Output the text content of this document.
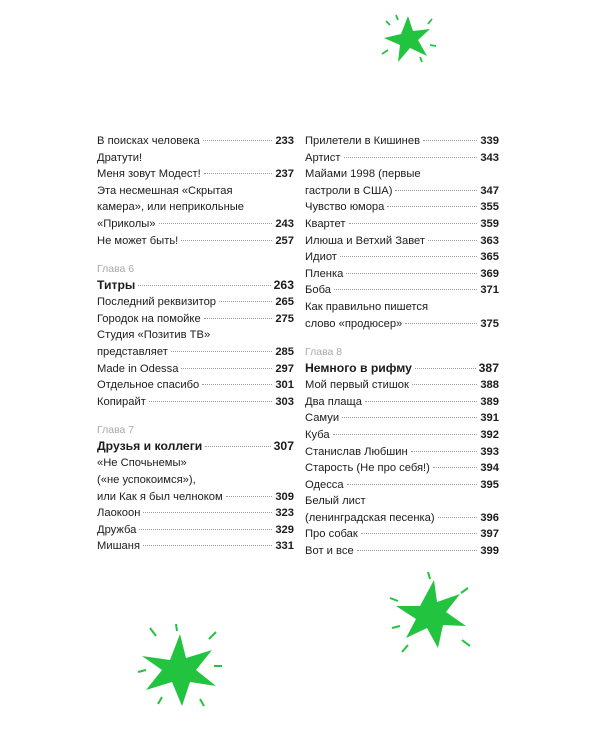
В поисках человека	233
Дратути!
Меня зовут Модест!	237
Эта несмешная «Скрытая
камера», или неприкольные
«Приколы»	243
Не может быть!	257
Глава 6
Титры	263
Последний реквизитор	265
Городок на помойке	275
Студия «Позитив ТВ»
представляет	285
Made in Odessa	297
Отдельное спасибо	301
Копирайт	303
Глава 7
Друзья и коллеги	307
«Не Спочьнемы»
(«не успокоимся»),
или Как я был челноком	309
Лаокоон	323
Дружба	329
Мишаня	331
Прилетели в Кишинев	339
Артист	343
Майами 1998 (первые
гастроли в США)	347
Чувство юмора	355
Квартет	359
Илюша и Ветхий Завет	363
Идиот	365
Пленка	369
Боба	371
Как правильно пишется
слово «продюсер»	375
Глава 8
Немного в рифму	387
Мой первый стишок	388
Два плаща	389
Самуи	391
Куба	392
Станислав Любшин	393
Старость (Не про себя!)	394
Одесса	395
Белый лист
(ленинградская песенка)	396
Про собак	397
Вот и все	399
